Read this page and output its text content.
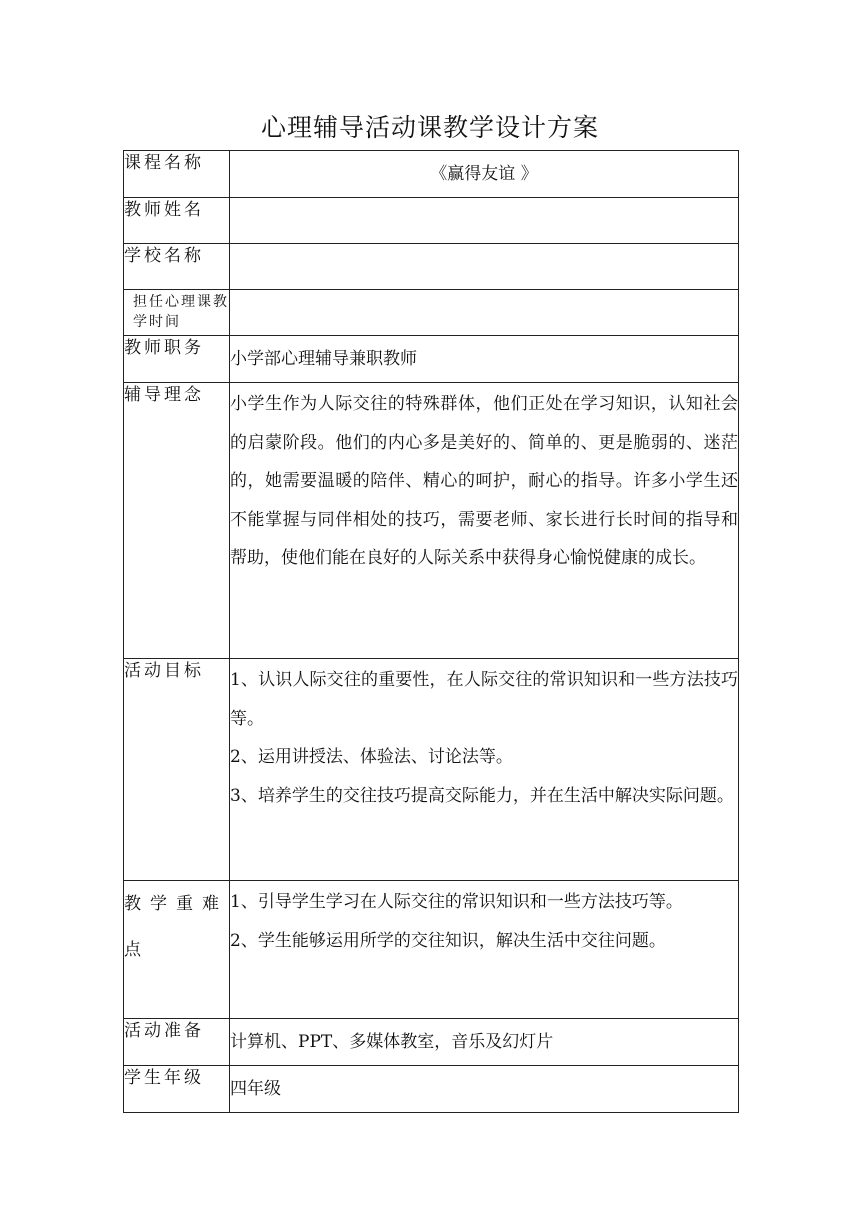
心理辅导活动课教学设计方案
课程名称	《赢得友谊 》
教师姓名	
学校名称	
担任心理课教学时间	
教师职务	小学部心理辅导兼职教师
辅导理念	小学生作为人际交往的特殊群体，他们正处在学习知识，认知社会的启蒙阶段。他们的内心多是美好的、简单的、更是脆弱的、迷茫的，她需要温暖的陪伴、精心的呵护，耐心的指导。许多小学生还不能掌握与同伴相处的技巧，需要老师、家长进行长时间的指导和帮助，使他们能在良好的人际关系中获得身心愉悦健康的成长。
活动目标	1、认识人际交往的重要性，在人际交往的常识知识和一些方法技巧等。
2、运用讲授法、体验法、讨论法等。
3、培养学生的交往技巧提高交际能力，并在生活中解决实际问题。

教学重难点	1、引导学生学习在人际交往的常识知识和一些方法技巧等。
2、学生能够运用所学的交往知识，解决生活中交往问题。

活动准备	计算机、PPT、多媒体教室，音乐及幻灯片
学生年级	四年级
